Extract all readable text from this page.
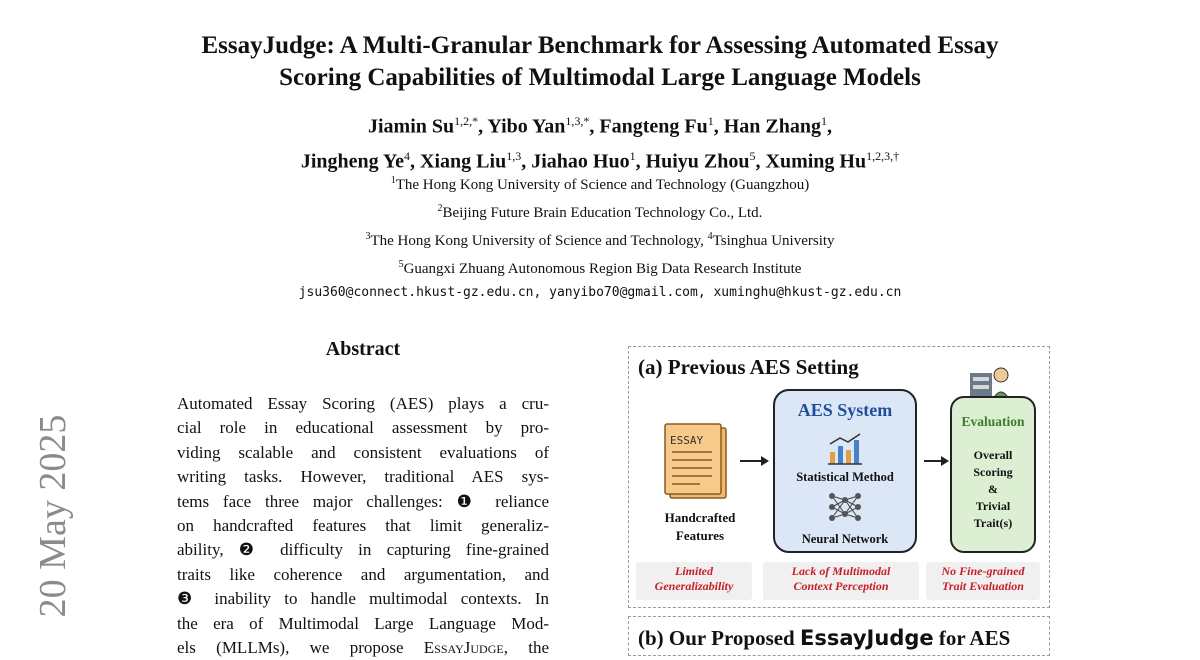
20 May 2025
EssayJudge: A Multi-Granular Benchmark for Assessing Automated Essay
Scoring Capabilities of Multimodal Large Language Models
Jiamin $Su^{1,2,*}$, Yibo Yan$^{1,3,*}$, Fangteng Fu$^1$, Han Zhang$^1$,
Jingheng Ye$^4$, Xiang Liu$^{1,3}$, Jiahao Huo$^1$, Huiyu Zhou$^5$, Xuming $Hu^{1,2,3,\dagger}$
$^1$The Hong Kong University of Science and Technology (Guangzhou)
$^2$Beijing Future Brain Education Technology Co., Ltd.
$^3$The Hong Kong University of Science and Technology, $^4$Tsinghua University
$^5$Guangxi Zhuang Autonomous Region Big Data Research Institute
jsu360@connect.hkust-gz.edu.cn, yanyibo70@gmail.com, xuminghu@hkust-gz.edu.cn
Abstract
Automated Essay Scoring (AES) plays a cru-
cial role in educational assessment by pro-
viding scalable and consistent evaluations of
writing tasks. However, traditional AES sys-
tems face three major challenges: ❶ reliance
on handcrafted features that limit generaliz-
ability, ❷ difficulty in capturing fine-grained
traits like coherence and argumentation, and
❸ inability to handle multimodal contexts. In
the era of Multimodal Large Language Mod-
els (MLLMs), we propose EssayJudge, the
(a) Previous AES Setting
ESSAY
Handcrafted
Features
AES System
Statistical Method
Neural Network
Evaluation
Overall
Scoring
&
Trivial
Trait(s)
Limited
Generalizability
Lack of Multimodal
Context Perception
No Fine-grained
Trait Evaluation
(b) Our Proposed EssayJudge for AES
